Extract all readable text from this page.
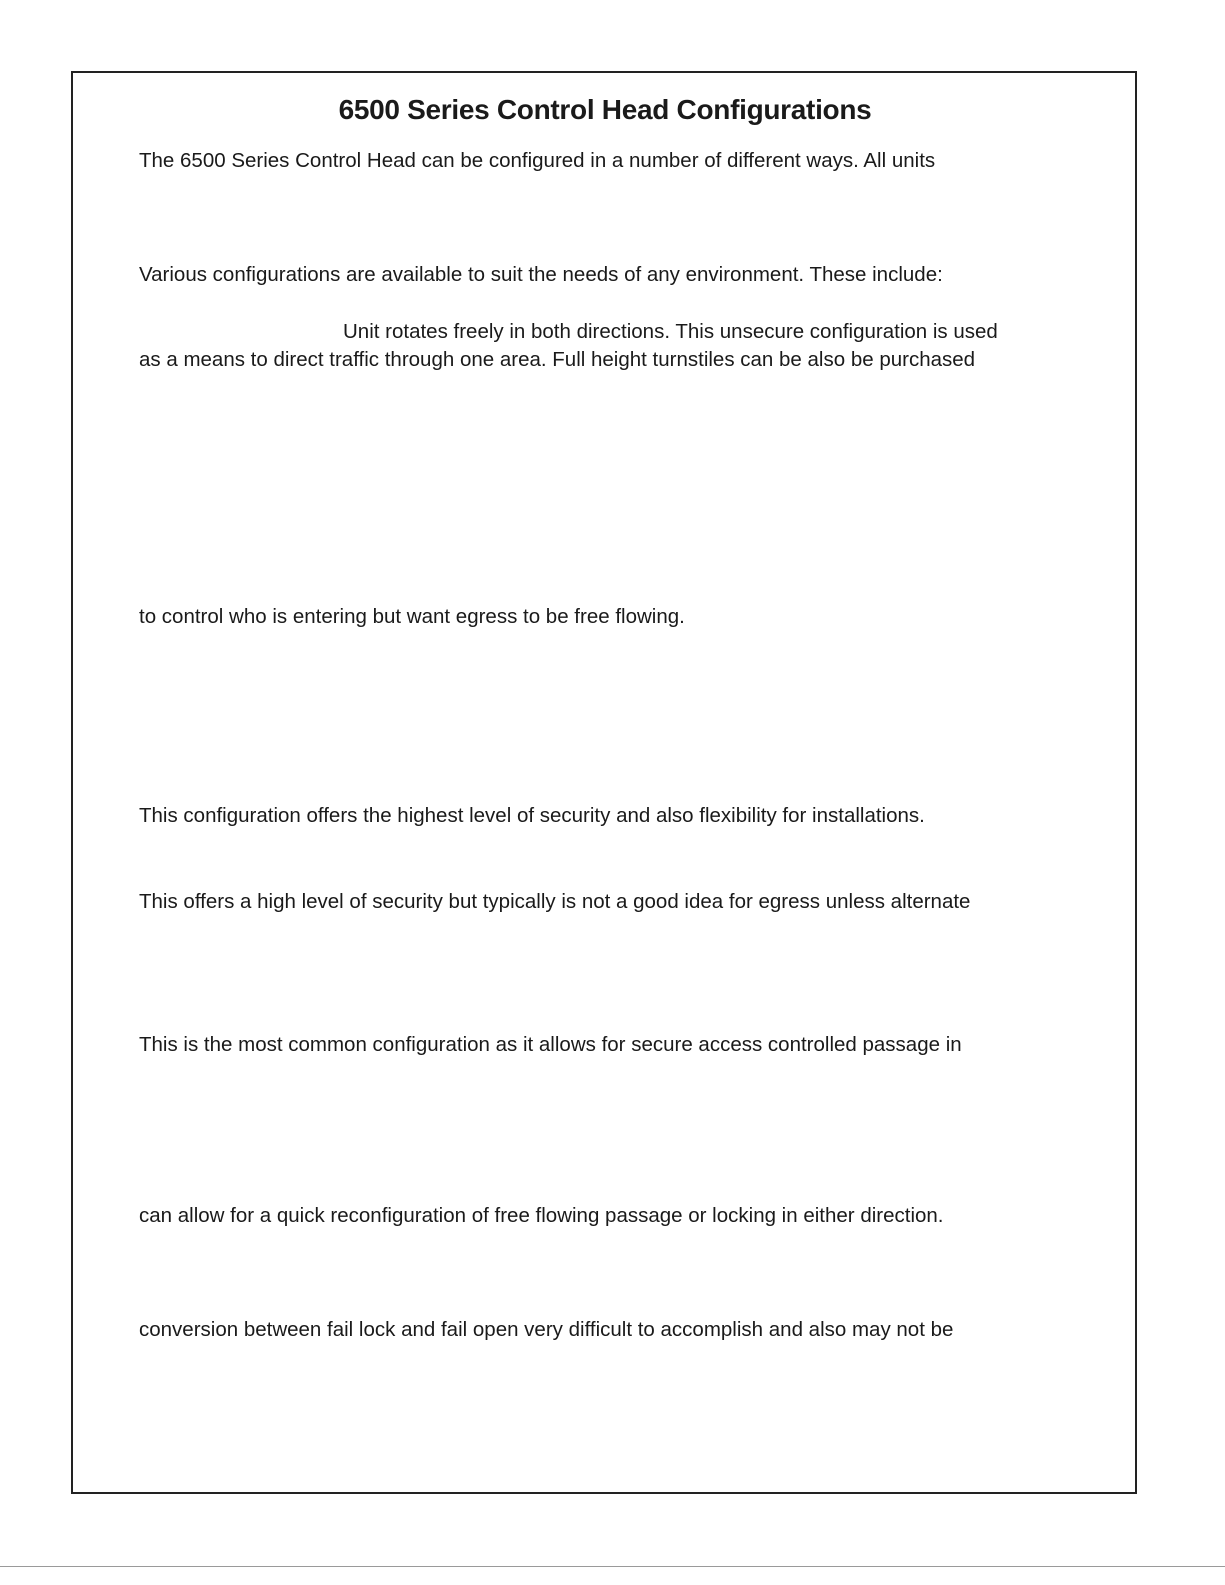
6500 Series Control Head Configurations

The 6500 Series Control Head can be configured in a number of different ways. All units

Various configurations are available to suit the needs of any environment. These include:

Unit rotates freely in both directions. This unsecure configuration is used

as a means to direct traffic through one area. Full height turnstiles can be also be purchased

to control who is entering but want egress to be free flowing.

This configuration offers the highest level of security and also flexibility for installations.

This offers a high level of security but typically is not a good idea for egress unless alternate

This is the most common configuration as it allows for secure access controlled passage in

can allow for a quick reconfiguration of free flowing passage or locking in either direction.

conversion between fail lock and fail open very difficult to accomplish and also may not be
